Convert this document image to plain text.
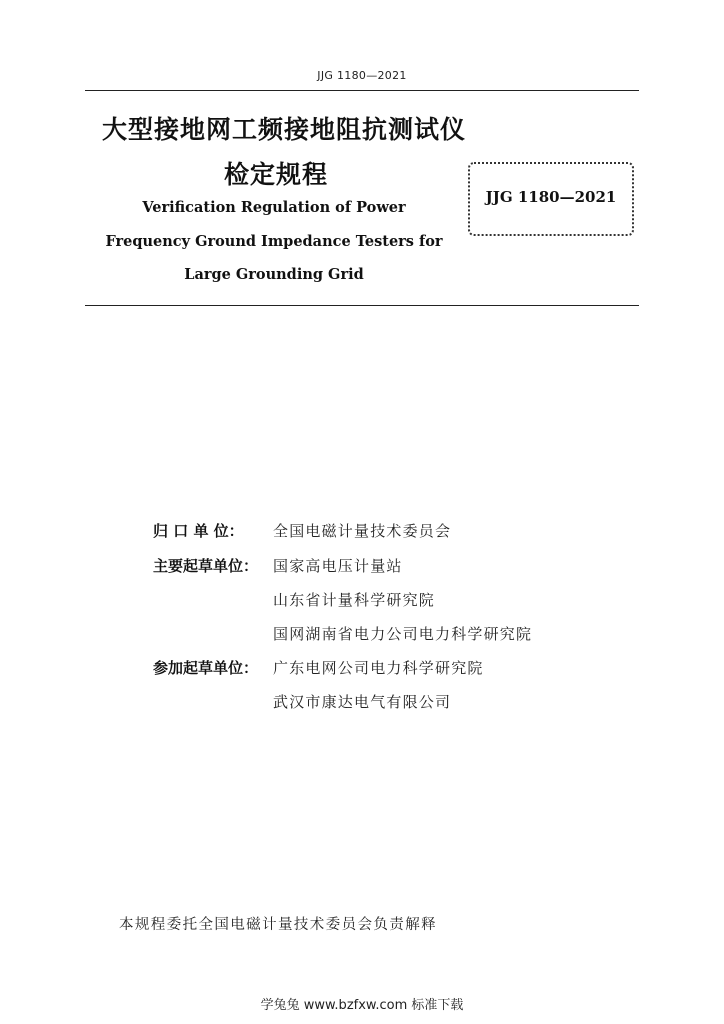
JJG 1180—2021
大型接地网工频接地阻抗测试仪
检定规程
Verification Regulation of Power
Frequency Ground Impedance Testers for
Large Grounding Grid
JJG 1180—2021
归 口 单 位： 全国电磁计量技术委员会
主要起草单位： 国家高电压计量站
山东省计量科学研究院
国网湖南省电力公司电力科学研究院
参加起草单位： 广东电网公司电力科学研究院
武汉市康达电气有限公司
本规程委托全国电磁计量技术委员会负责解释
学兔兔 www.bzfxw.com 标准下载
